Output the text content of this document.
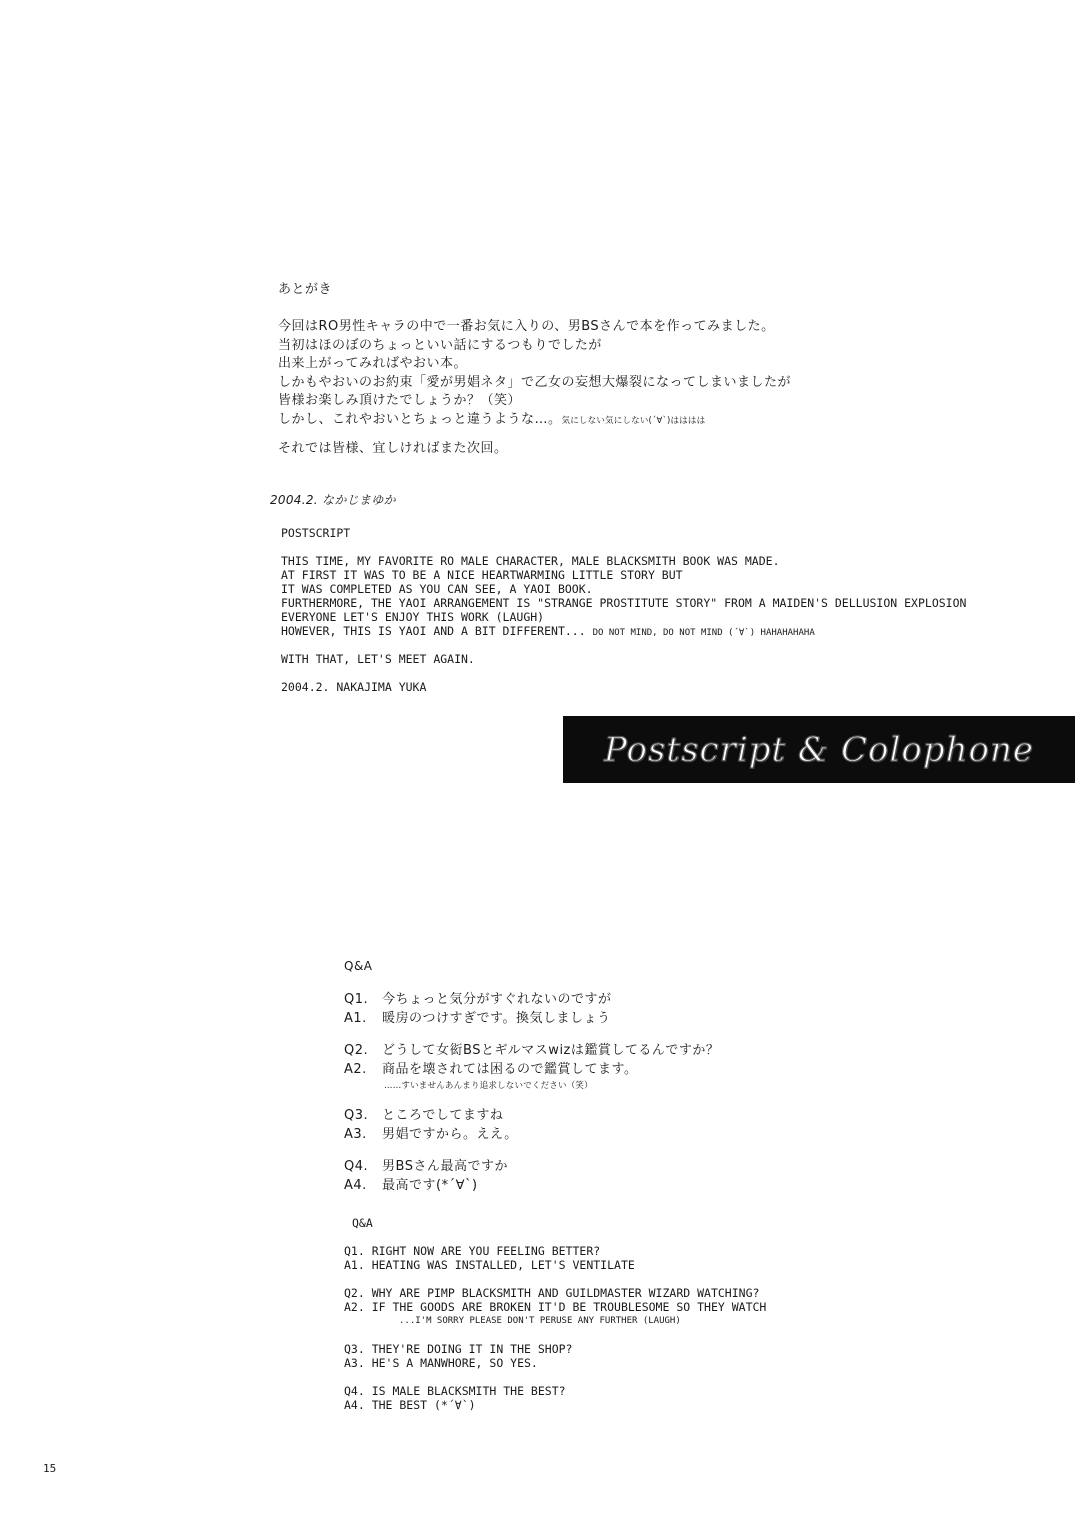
あとがき
今回はRO男性キャラの中で一番お気に入りの、男BSさんで本を作ってみました。
当初はほのぼのちょっといい話にするつもりでしたが
出来上がってみればやおい本。
しかもやおいのお約束「愛が男娼ネタ」で乙女の妄想大爆裂になってしまいましたが
皆様お楽しみ頂けたでしょうか？（笑）
しかし、これやおいとちょっと違うような…。気にしない気にしない(´∀`)はははは
それでは皆様、宜しければまた次回。
2004.2. なかじまゆか
POSTSCRIPT
THIS TIME, MY FAVORITE RO MALE CHARACTER, MALE BLACKSMITH BOOK WAS MADE.
AT FIRST IT WAS TO BE A NICE HEARTWARMING LITTLE STORY BUT
IT WAS COMPLETED AS YOU CAN SEE, A YAOI BOOK.
FURTHERMORE, THE YAOI ARRANGEMENT IS "STRANGE PROSTITUTE STORY" FROM A MAIDEN'S DELLUSION EXPLOSION
EVERYONE LET'S ENJOY THIS WORK (LAUGH)
HOWEVER, THIS IS YAOI AND A BIT DIFFERENT... DO NOT MIND, DO NOT MIND (´∀`) HAHAHAHAHA
WITH THAT, LET'S MEET AGAIN.
2004.2. NAKAJIMA YUKA
Postscript & Colophone
Q&A
Q1.	今ちょっと気分がすぐれないのですが
A1.	暖房のつけすぎです。換気しましょう
Q2.	どうして女衒BSとギルマスwizは鑑賞してるんですか？
A2.	商品を壊されては困るので鑑賞してます。
……すいませんあんまり追求しないでください（笑）
Q3.	ところでしてますね
A3.	男娼ですから。ええ。
Q4.	男BSさん最高ですか
A4.	最高です(*´∀`)
Q&A
Q1. RIGHT NOW ARE YOU FEELING BETTER?
A1. HEATING WAS INSTALLED, LET'S VENTILATE
Q2. WHY ARE PIMP BLACKSMITH AND GUILDMASTER WIZARD WATCHING?
A2. IF THE GOODS ARE BROKEN IT'D BE TROUBLESOME SO THEY WATCH
...I'M SORRY PLEASE DON'T PERUSE ANY FURTHER (LAUGH)
Q3. THEY'RE DOING IT IN THE SHOP?
A3. HE'S A MANWHORE, SO YES.
Q4. IS MALE BLACKSMITH THE BEST?
A4. THE BEST (*´∀`)
15
